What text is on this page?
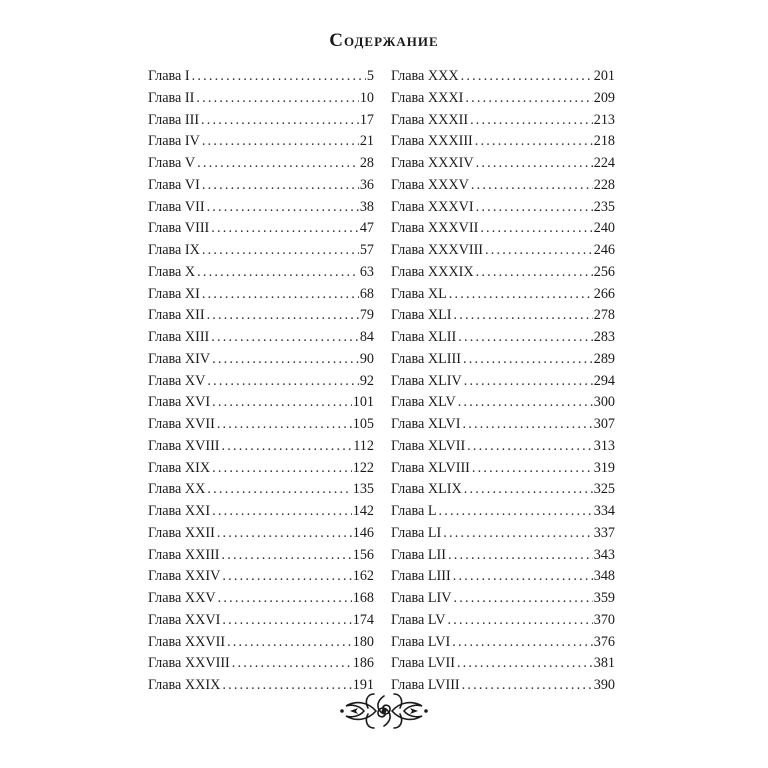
Содержание
Глава I .....	5
Глава II .....	10
Глава III .....	17
Глава IV .....	21
Глава V .....	28
Глава VI .....	36
Глава VII .....	38
Глава VIII .....	47
Глава IX .....	57
Глава X .....	63
Глава XI .....	68
Глава XII .....	79
Глава XIII .....	84
Глава XIV .....	90
Глава XV .....	92
Глава XVI .....	101
Глава XVII .....	105
Глава XVIII .....	112
Глава XIX .....	122
Глава XX .....	135
Глава XXI .....	142
Глава XXII .....	146
Глава XXIII .....	156
Глава XXIV .....	162
Глава XXV .....	168
Глава XXVI .....	174
Глава XXVII .....	180
Глава XXVIII .....	186
Глава XXIX .....	191
Глава XXX .....	201
Глава XXXI .....	209
Глава XXXII .....	213
Глава XXXIII .....	218
Глава XXXIV .....	224
Глава XXXV .....	228
Глава XXXVI .....	235
Глава XXXVII .....	240
Глава XXXVIII .....	246
Глава XXXIX .....	256
Глава XL .....	266
Глава XLI .....	278
Глава XLII .....	283
Глава XLIII .....	289
Глава XLIV .....	294
Глава XLV .....	300
Глава XLVI .....	307
Глава XLVII .....	313
Глава XLVIII .....	319
Глава XLIX .....	325
Глава L .....	334
Глава LI .....	337
Глава LII .....	343
Глава LIII .....	348
Глава LIV .....	359
Глава LV .....	370
Глава LVI .....	376
Глава LVII .....	381
Глава LVIII .....	390
